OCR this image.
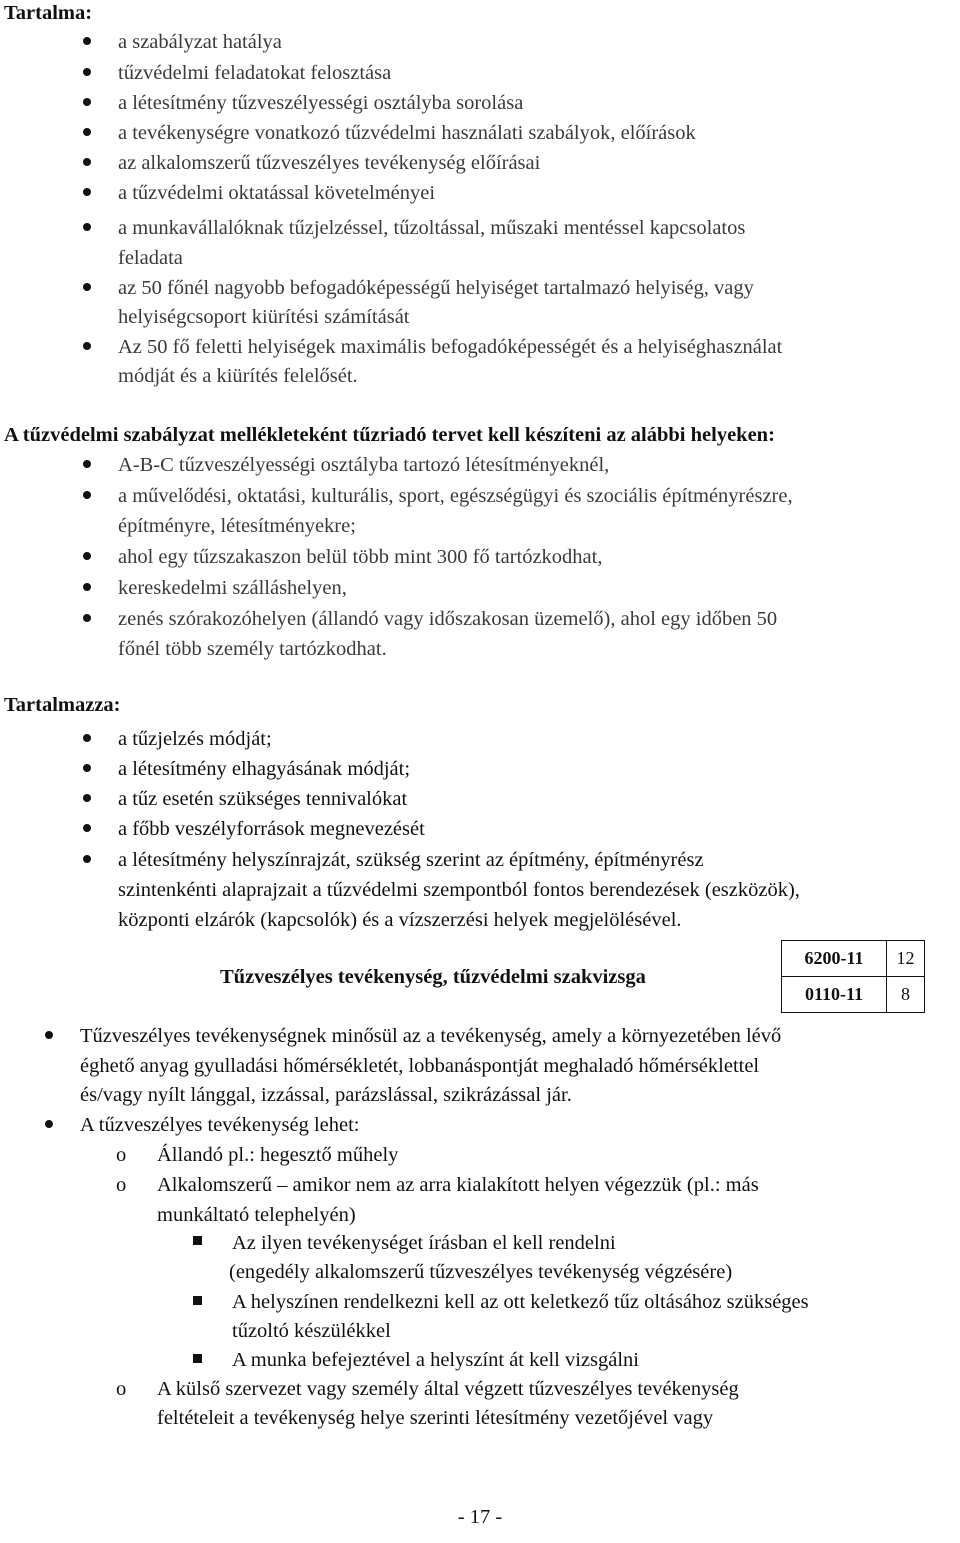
Tartalma:
a szabályzat hatálya
tűzvédelmi feladatokat felosztása
a létesítmény tűzveszélyességi osztályba sorolása
a tevékenységre vonatkozó tűzvédelmi használati szabályok, előírások
az alkalomszerű tűzveszélyes tevékenység előírásai
a tűzvédelmi oktatással követelményei
a munkavállalóknak tűzjelzéssel, tűzoltással, műszaki mentéssel kapcsolatos
feladata
az 50 főnél nagyobb befogadóképességű helyiséget tartalmazó helyiség, vagy
helyiségcsoport kiürítési számítását
Az 50 fő feletti helyiségek maximális befogadóképességét és a helyiséghasználat
módját és a kiürítés felelősét.
A tűzvédelmi szabályzat mellékleteként tűzriadó tervet kell készíteni az alábbi helyeken:
A-B-C tűzveszélyességi osztályba tartozó létesítményeknél,
a művelődési, oktatási, kulturális, sport, egészségügyi és szociális építményrészre,
építményre, létesítményekre;
ahol egy tűzszakaszon belül több mint 300 fő tartózkodhat,
kereskedelmi szálláshelyen,
zenés szórakozóhelyen (állandó vagy időszakosan üzemelő), ahol egy időben 50
főnél több személy tartózkodhat.
Tartalmazza:
a tűzjelzés módját;
a létesítmény elhagyásának módját;
a tűz esetén szükséges tennivalókat
a főbb veszélyforrások megnevezését
a létesítmény helyszínrajzát, szükség szerint az építmény, építményrész
szintenkénti alaprajzait a tűzvédelmi szempontból fontos berendezések (eszközök),
központi elzárók (kapcsolók) és a vízszerzési helyek megjelölésével.
Tűzveszélyes tevékenység, tűzvédelmi szakvizsga
6200-11	12
0110-11	8
Tűzveszélyes tevékenységnek minősül az a tevékenység, amely a környezetében lévő
éghető anyag gyulladási hőmérsékletét, lobbanáspontját meghaladó hőmérséklettel
és/vagy nyílt lánggal, izzással, parázslással, szikrázással jár.
A tűzveszélyes tevékenység lehet:
o Állandó pl.: hegesztő műhely
o Alkalomszerű – amikor nem az arra kialakított helyen végezzük (pl.: más
munkáltató telephelyén)
Az ilyen tevékenységet írásban el kell rendelni
(engedély alkalomszerű tűzveszélyes tevékenység végzésére)
A helyszínen rendelkezni kell az ott keletkező tűz oltásához szükséges
tűzoltó készülékkel
A munka befejeztével a helyszínt át kell vizsgálni
o A külső szervezet vagy személy által végzett tűzveszélyes tevékenység
feltételeit a tevékenység helye szerinti létesítmény vezetőjével vagy
- 17 -
